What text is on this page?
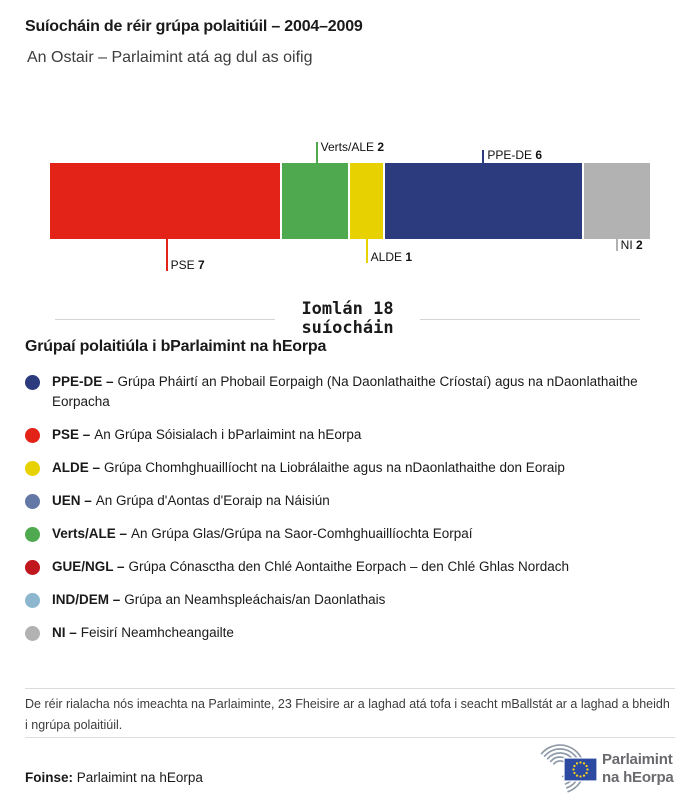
Suíocháin de réir grúpa polaitiúil – 2004–2009
An Ostair – Parlaimint atá ag dul as oifig
PSE 7
Verts/ALE 2
ALDE 1
PPE-DE 6
NI 2
Iomlán 18
suíocháin
Grúpaí polaitiúla i bParlaimint na hEorpa
PPE-DE – Grúpa Pháirtí an Phobail Eorpaigh (Na Daonlathaithe Críostaí) agus na nDaonlathaithe Eorpacha
PSE – An Grúpa Sóisialach i bParlaimint na hEorpa
ALDE – Grúpa Chomhghuaillíocht na Liobrálaithe agus na nDaonlathaithe don Eoraip
UEN – An Grúpa d'Aontas d'Eoraip na Náisiún
Verts/ALE – An Grúpa Glas/Grúpa na Saor-Comhghuaillíochta Eorpaí
GUE/NGL – Grúpa Cónasctha den Chlé Aontaithe Eorpach – den Chlé Ghlas Nordach
IND/DEM – Grúpa an Neamhspleáchais/an Daonlathais
NI – Feisirí Neamhcheangailte
De réir rialacha nós imeachta na Parlaiminte, 23 Fheisire ar a laghad atá tofa i seacht mBallstát ar a laghad a bheidh i ngrúpa polaitiúil.
Foinse: Parlaimint na hEorpa
Parlaimint
na hEorpa
